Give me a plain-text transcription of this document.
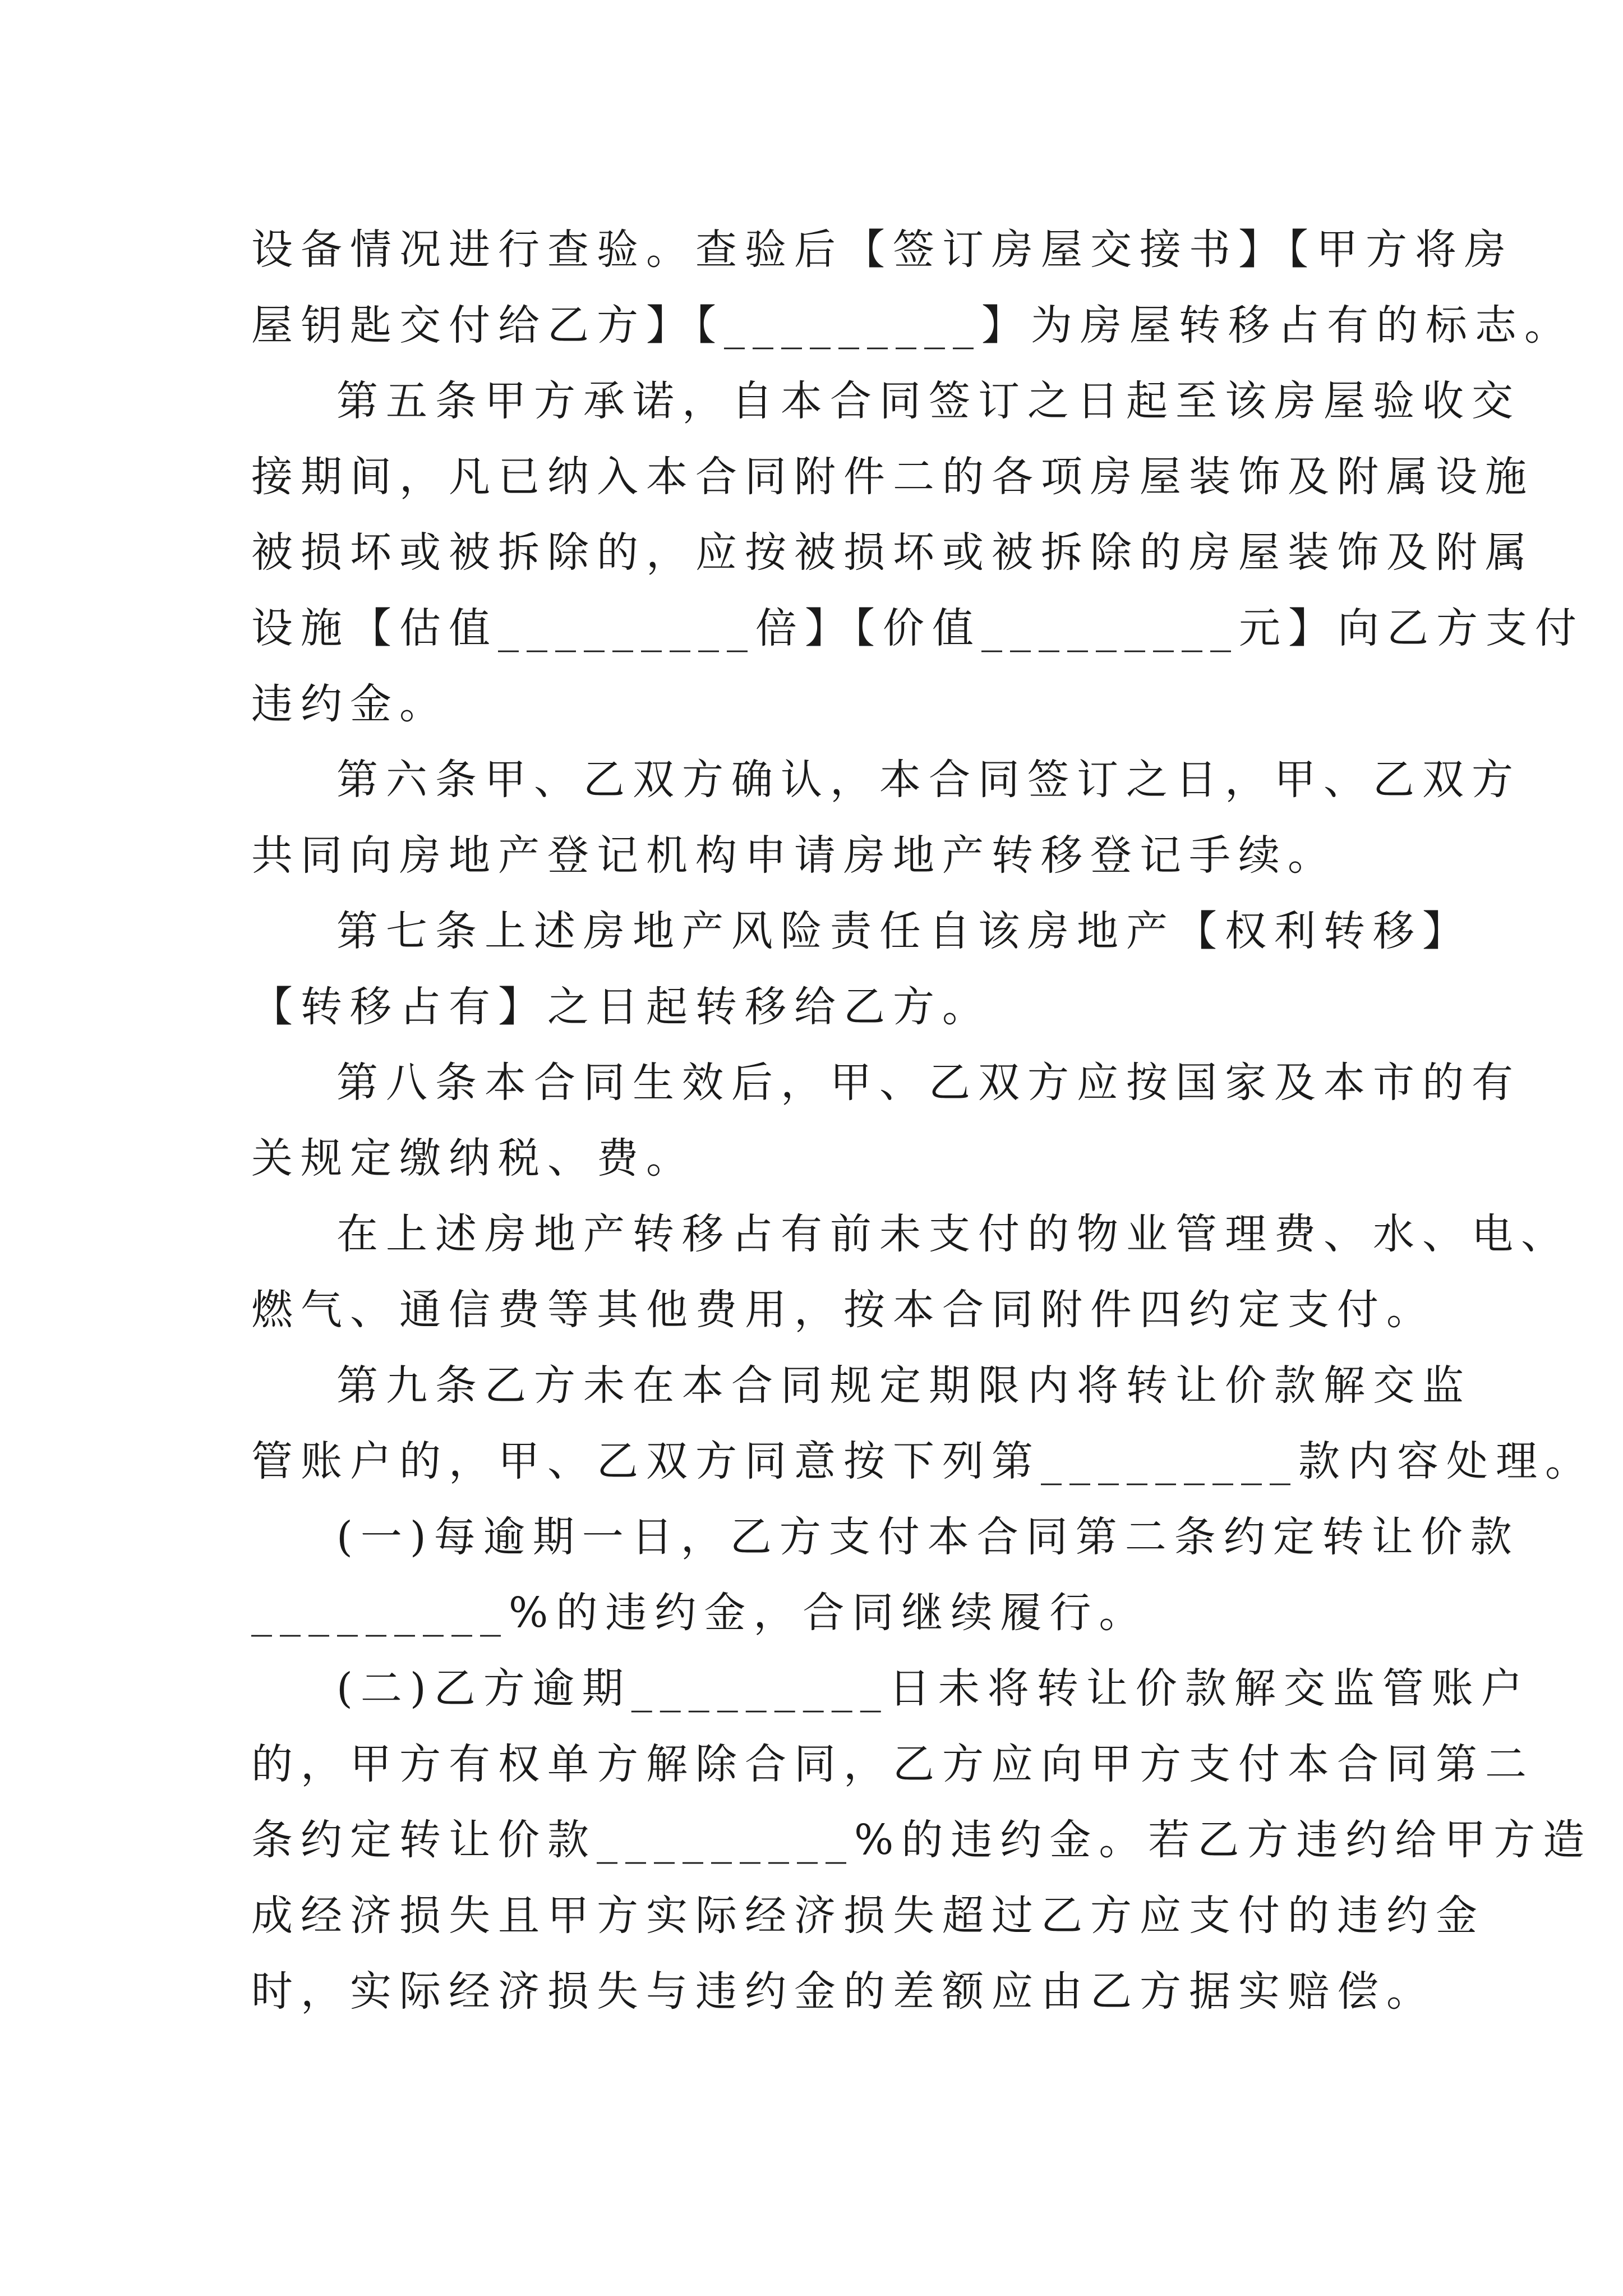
设备情况进行查验。查验后【签订房屋交接书】【甲方将房
屋钥匙交付给乙方】【_________】为房屋转移占有的标志。
第五条甲方承诺，自本合同签订之日起至该房屋验收交
接期间，凡已纳入本合同附件二的各项房屋装饰及附属设施
被损坏或被拆除的，应按被损坏或被拆除的房屋装饰及附属
设施【估值_________倍】【价值_________元】向乙方支付
违约金。
第六条甲、乙双方确认，本合同签订之日，甲、乙双方
共同向房地产登记机构申请房地产转移登记手续。
第七条上述房地产风险责任自该房地产【权利转移】
【转移占有】之日起转移给乙方。
第八条本合同生效后，甲、乙双方应按国家及本市的有
关规定缴纳税、费。
在上述房地产转移占有前未支付的物业管理费、水、电、
燃气、通信费等其他费用，按本合同附件四约定支付。
第九条乙方未在本合同规定期限内将转让价款解交监
管账户的，甲、乙双方同意按下列第_________款内容处理。
(一)每逾期一日，乙方支付本合同第二条约定转让价款
_________%的违约金，合同继续履行。
(二)乙方逾期_________日未将转让价款解交监管账户
的，甲方有权单方解除合同，乙方应向甲方支付本合同第二
条约定转让价款_________%的违约金。若乙方违约给甲方造
成经济损失且甲方实际经济损失超过乙方应支付的违约金
时，实际经济损失与违约金的差额应由乙方据实赔偿。
